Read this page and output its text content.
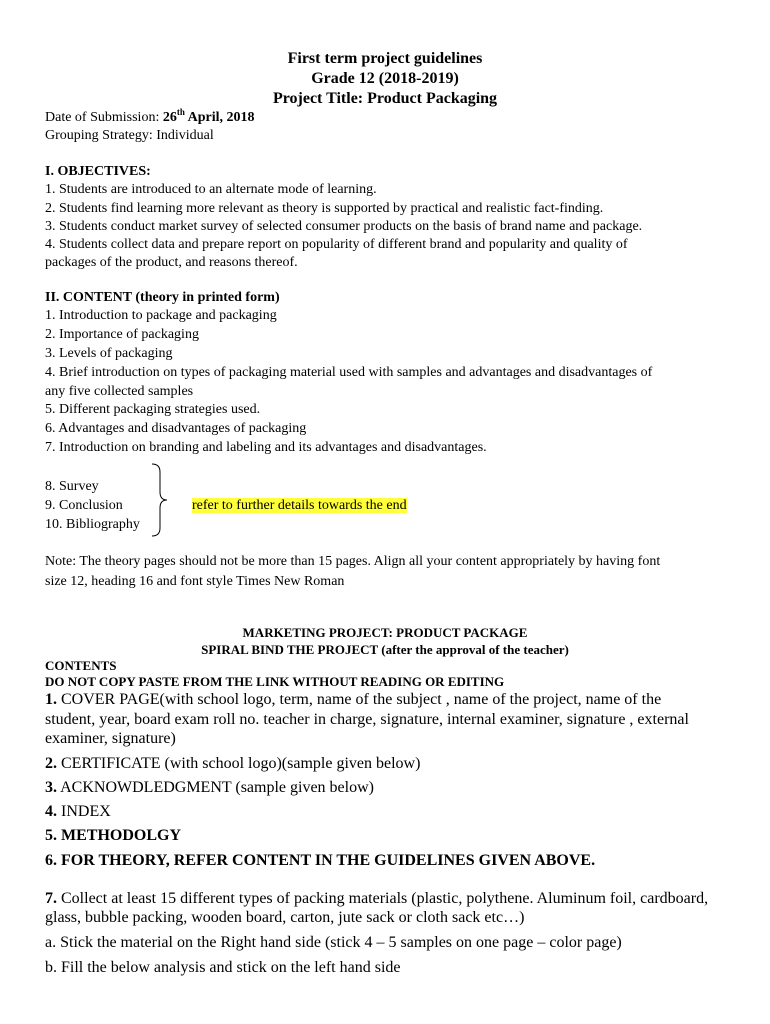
First term project guidelines
Grade 12 (2018-2019)
Project Title: Product Packaging
Date of Submission: 26th April, 2018
Grouping Strategy: Individual
I. OBJECTIVES:
1. Students are introduced to an alternate mode of learning.
2. Students find learning more relevant as theory is supported by practical and realistic fact-finding.
3. Students conduct market survey of selected consumer products on the basis of brand name and package.
4. Students collect data and prepare report on popularity of different brand and popularity and quality of
packages of the product, and reasons thereof.
II. CONTENT (theory in printed form)
1. Introduction to package and packaging
2. Importance of packaging
3. Levels of packaging
4. Brief introduction on types of packaging material used with samples and advantages and disadvantages of
any five collected samples
5. Different packaging strategies used.
6. Advantages and disadvantages of packaging
7. Introduction on branding and labeling and its advantages and disadvantages.
8. Survey
9. Conclusion
10. Bibliography
refer to further details towards the end
Note: The theory pages should not be more than 15 pages. Align all your content appropriately by having font
size 12, heading 16 and font style Times New Roman
MARKETING PROJECT: PRODUCT PACKAGE
SPIRAL BIND THE PROJECT (after the approval of the teacher)
CONTENTS
DO NOT COPY PASTE FROM THE LINK WITHOUT READING OR EDITING
1. COVER PAGE(with school logo, term, name of the subject , name of the project, name of the
student, year, board exam roll no. teacher in charge, signature, internal examiner, signature , external
examiner, signature)
2. CERTIFICATE (with school logo)(sample given below)
3. ACKNOWDLEDGMENT (sample given below)
4. INDEX
5. METHODOLGY
6. FOR THEORY, REFER CONTENT IN THE GUIDELINES GIVEN ABOVE.
7. Collect at least 15 different types of packing materials (plastic, polythene. Aluminum foil, cardboard,
glass, bubble packing, wooden board, carton, jute sack or cloth sack etc…)
a. Stick the material on the Right hand side (stick 4 – 5 samples on one page – color page)
b. Fill the below analysis and stick on the left hand side
